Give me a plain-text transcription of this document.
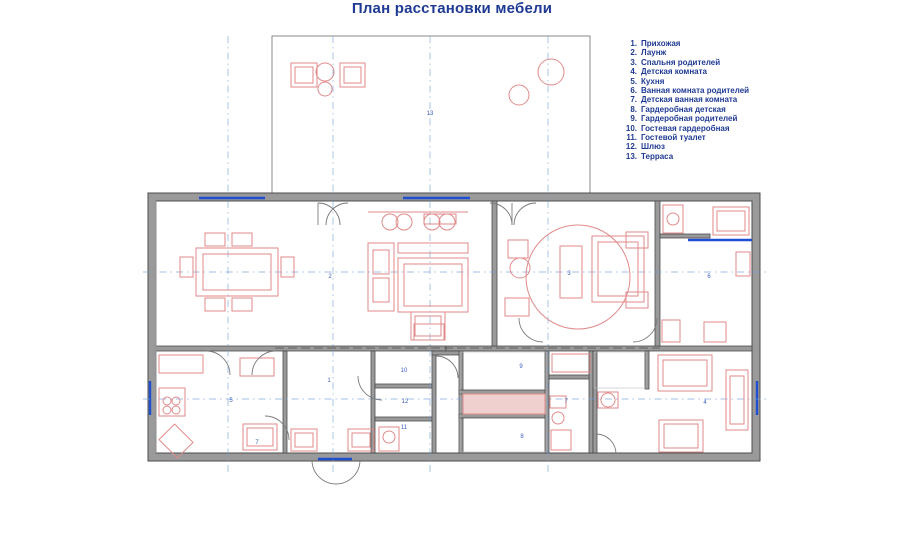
План расстановки мебели
1. Прихожая
2. Лаунж
3. Спальня родителей
4. Детская комната
5. Кухня
6. Ванная комната родителей
7. Детская ванная комната
8. Гардеробная детская
9. Гардеробная родителей
10. Гостевая гардеробная
11. Гостевой туалет
12. Шлюз
13. Терраса
13
2	3	6
5
1
10
12
11
9
8
7	4
7
